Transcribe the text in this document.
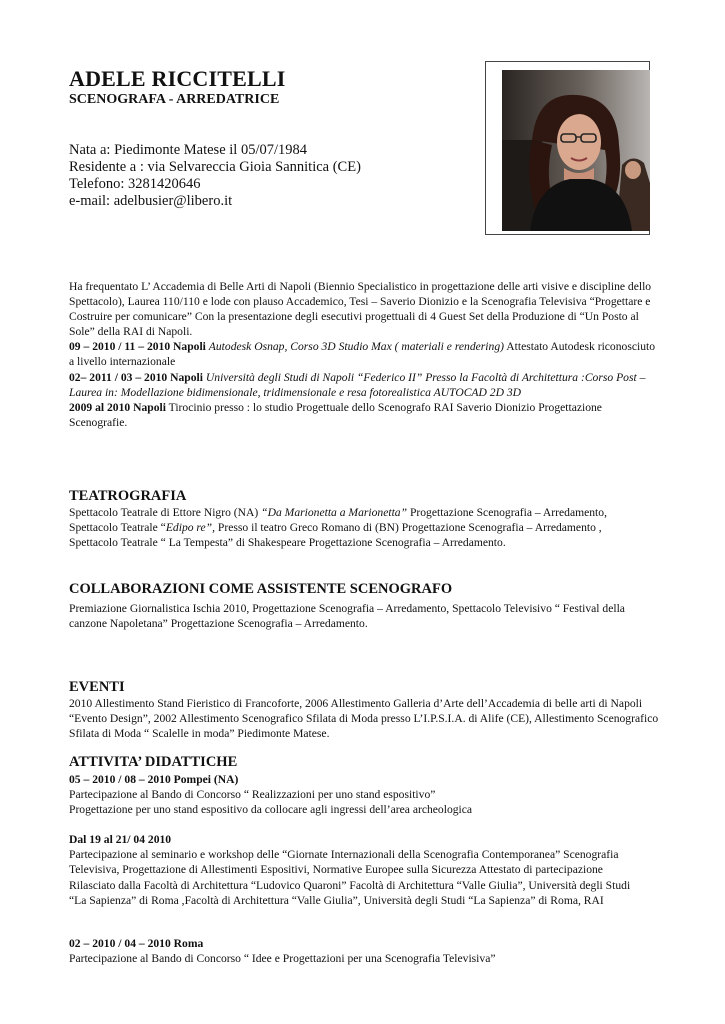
ADELE RICCITELLI
SCENOGRAFA - ARREDATRICE
Nata a: Piedimonte Matese il 05/07/1984
Residente a : via Selvareccia Gioia Sannitica (CE)
Telefono: 3281420646
e-mail: adelbusier@libero.it

Ha frequentato L’ Accademia di Belle Arti di Napoli (Biennio Specialistico in progettazione delle arti visive e discipline dello Spettacolo), Laurea 110/110 e lode con plauso Accademico, Tesi – Saverio Dionizio e la Scenografia Televisiva “Progettare e Costruire per comunicare” Con la presentazione degli esecutivi progettuali di 4 Guest Set della Produzione di “Un Posto al Sole” della RAI di Napoli.

09 – 2010 / 11 – 2010 Napoli Autodesk Osnap, Corso 3D Studio Max ( materiali e rendering) Attestato Autodesk riconosciuto a livello internazionale

02– 2011 / 03 – 2010 Napoli Università degli Studi di Napoli “Federico II” Presso la Facoltà di Architettura :Corso Post –Laurea in: Modellazione bidimensionale, tridimensionale e resa fotorealistica AUTOCAD 2D 3D

2009 al 2010 Napoli Tirocinio presso : lo studio Progettuale dello Scenografo RAI Saverio Dionizio Progettazione Scenografie.

TEATROGRAFIA

Spettacolo Teatrale di Ettore Nigro (NA) “Da Marionetta a Marionetta” Progettazione Scenografia – Arredamento,

Spettacolo Teatrale “Edipo re”, Presso il teatro Greco Romano di (BN) Progettazione Scenografia – Arredamento ,

Spettacolo Teatrale “ La Tempesta” di Shakespeare Progettazione Scenografia – Arredamento.

COLLABORAZIONI COME ASSISTENTE SCENOGRAFO
Premiazione Giornalistica Ischia 2010, Progettazione Scenografia – Arredamento, Spettacolo Televisivo “ Festival della canzone Napoletana” Progettazione Scenografia – Arredamento.
EVENTI
2010 Allestimento Stand Fieristico di Francoforte, 2006 Allestimento Galleria d’Arte dell’Accademia di belle arti di Napoli “Evento Design”, 2002 Allestimento Scenografico Sfilata di Moda presso L’I.P.S.I.A. di Alife (CE), Allestimento Scenografico Sfilata di Moda “ Scalelle in moda” Piedimonte Matese.
ATTIVITA’ DIDATTICHE

05 – 2010 / 08 – 2010 Pompei (NA)

Partecipazione al Bando di Concorso “ Realizzazioni per uno stand espositivo”

Progettazione per uno stand espositivo da collocare agli ingressi dell’area archeologica

Dal 19 al 21/ 04 2010

Partecipazione al seminario e workshop delle “Giornate Internazionali della Scenografia Contemporanea” Scenografia Televisiva, Progettazione di Allestimenti Espositivi, Normative Europee sulla Sicurezza Attestato di partecipazione Rilasciato dalla Facoltà di Architettura “Ludovico Quaroni” Facoltà di Architettura “Valle Giulia”, Università degli Studi “La Sapienza” di Roma ,Facoltà di Architettura “Valle Giulia”, Università degli Studi “La Sapienza” di Roma, RAI

02 – 2010 / 04 – 2010 Roma

Partecipazione al Bando di Concorso “ Idee e Progettazioni per una Scenografia Televisiva”
